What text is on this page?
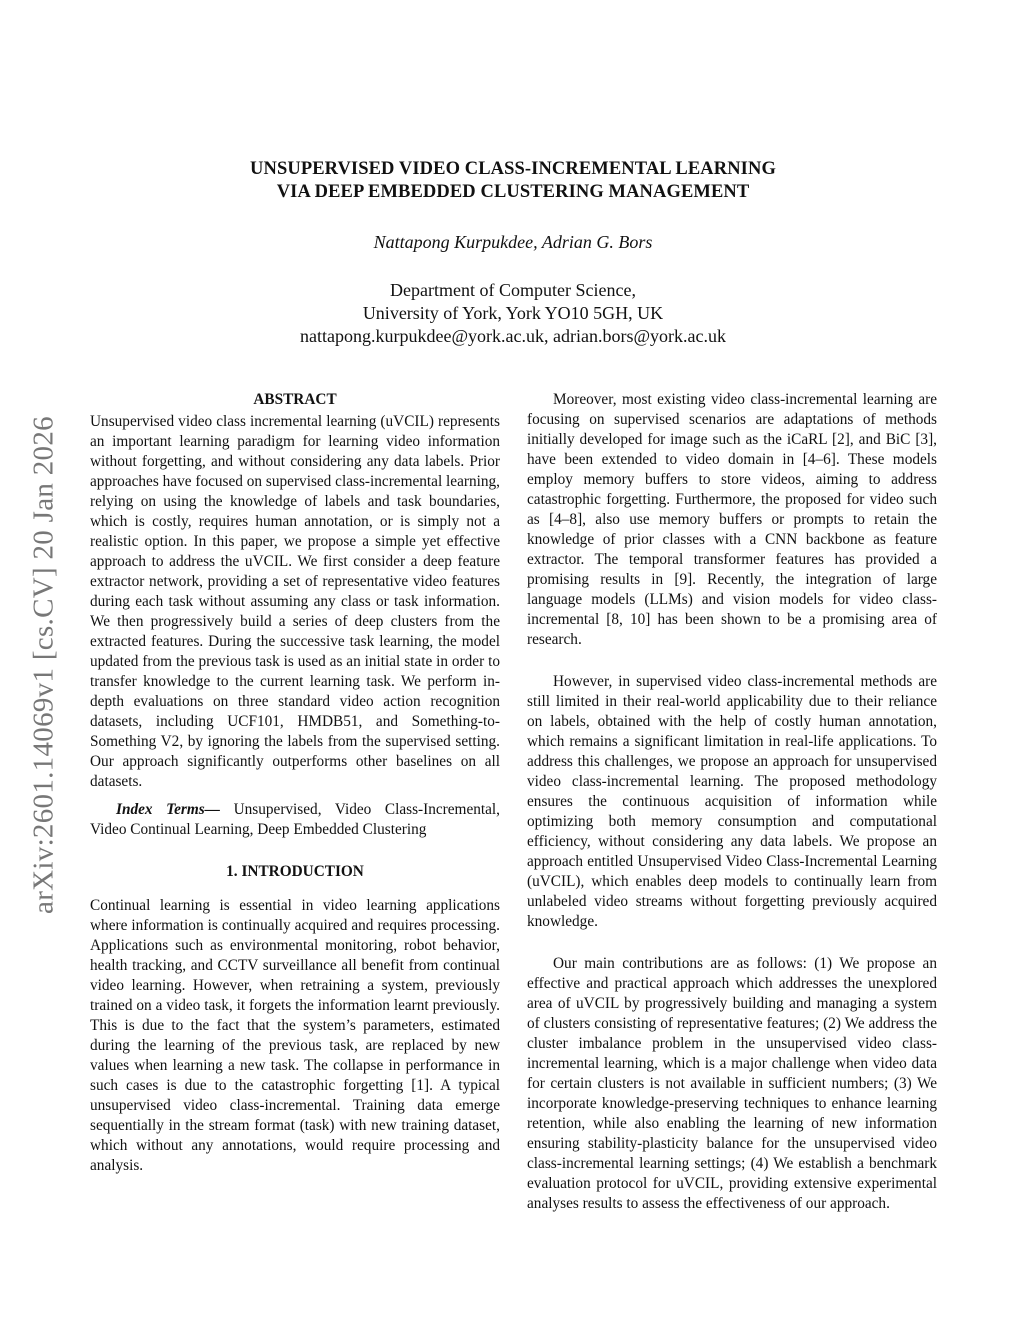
arXiv:2601.14069v1 [cs.CV] 20 Jan 2026
UNSUPERVISED VIDEO CLASS-INCREMENTAL LEARNING
VIA DEEP EMBEDDED CLUSTERING MANAGEMENT
Nattapong Kurpukdee, Adrian G. Bors
Department of Computer Science,
University of York, York YO10 5GH, UK
nattapong.kurpukdee@york.ac.uk, adrian.bors@york.ac.uk

ABSTRACT

Unsupervised video class incremental learning (uVCIL) represents an important learning paradigm for learning video information without forgetting, and without considering any data labels. Prior approaches have focused on supervised class-incremental learning, relying on using the knowledge of labels and task boundaries, which is costly, requires human annotation, or is simply not a realistic option. In this paper, we propose a simple yet effective approach to address the uVCIL. We first consider a deep feature extractor network, providing a set of representative video features during each task without assuming any class or task information. We then progressively build a series of deep clusters from the extracted features. During the successive task learning, the model updated from the previous task is used as an initial state in order to transfer knowledge to the current learning task. We perform in-depth evaluations on three standard video action recognition datasets, including UCF101, HMDB51, and Something-to-Something V2, by ignoring the labels from the supervised setting. Our approach significantly outperforms other baselines on all datasets.

Index Terms— Unsupervised, Video Class-Incremental, Video Continual Learning, Deep Embedded Clustering

1. INTRODUCTION

Continual learning is essential in video learning applications where information is continually acquired and requires processing. Applications such as environmental monitoring, robot behavior, health tracking, and CCTV surveillance all benefit from continual video learning. However, when retraining a system, previously trained on a video task, it forgets the information learnt previously. This is due to the fact that the system’s parameters, estimated during the learning of the previous task, are replaced by new values when learning a new task. The collapse in performance in such cases is due to the catastrophic forgetting [1]. A typical unsupervised video class-incremental. Training data emerge sequentially in the stream format (task) with new training dataset, which without any annotations, would require processing and analysis.

Moreover, most existing video class-incremental learning are focusing on supervised scenarios are adaptations of methods initially developed for image such as the iCaRL [2], and BiC [3], have been extended to video domain in [4–6]. These models employ memory buffers to store videos, aiming to address catastrophic forgetting. Furthermore, the proposed for video such as [4–8], also use memory buffers or prompts to retain the knowledge of prior classes with a CNN backbone as feature extractor. The temporal transformer features has provided a promising results in [9]. Recently, the integration of large language models (LLMs) and vision models for video class-incremental [8, 10] has been shown to be a promising area of research.

However, in supervised video class-incremental methods are still limited in their real-world applicability due to their reliance on labels, obtained with the help of costly human annotation, which remains a significant limitation in real-life applications. To address this challenges, we propose an approach for unsupervised video class-incremental learning. The proposed methodology ensures the continuous acquisition of information while optimizing both memory consumption and computational efficiency, without considering any data labels. We propose an approach entitled Unsupervised Video Class-Incremental Learning (uVCIL), which enables deep models to continually learn from unlabeled video streams without forgetting previously acquired knowledge.

Our main contributions are as follows: (1) We propose an effective and practical approach which addresses the unexplored area of uVCIL by progressively building and managing a system of clusters consisting of representative features; (2) We address the cluster imbalance problem in the unsupervised video class-incremental learning, which is a major challenge when video data for certain clusters is not available in sufficient numbers; (3) We incorporate knowledge-preserving techniques to enhance learning retention, while also enabling the learning of new information ensuring stability-plasticity balance for the unsupervised video class-incremental learning settings; (4) We establish a benchmark evaluation protocol for uVCIL, providing extensive experimental analyses results to assess the effectiveness of our approach.
